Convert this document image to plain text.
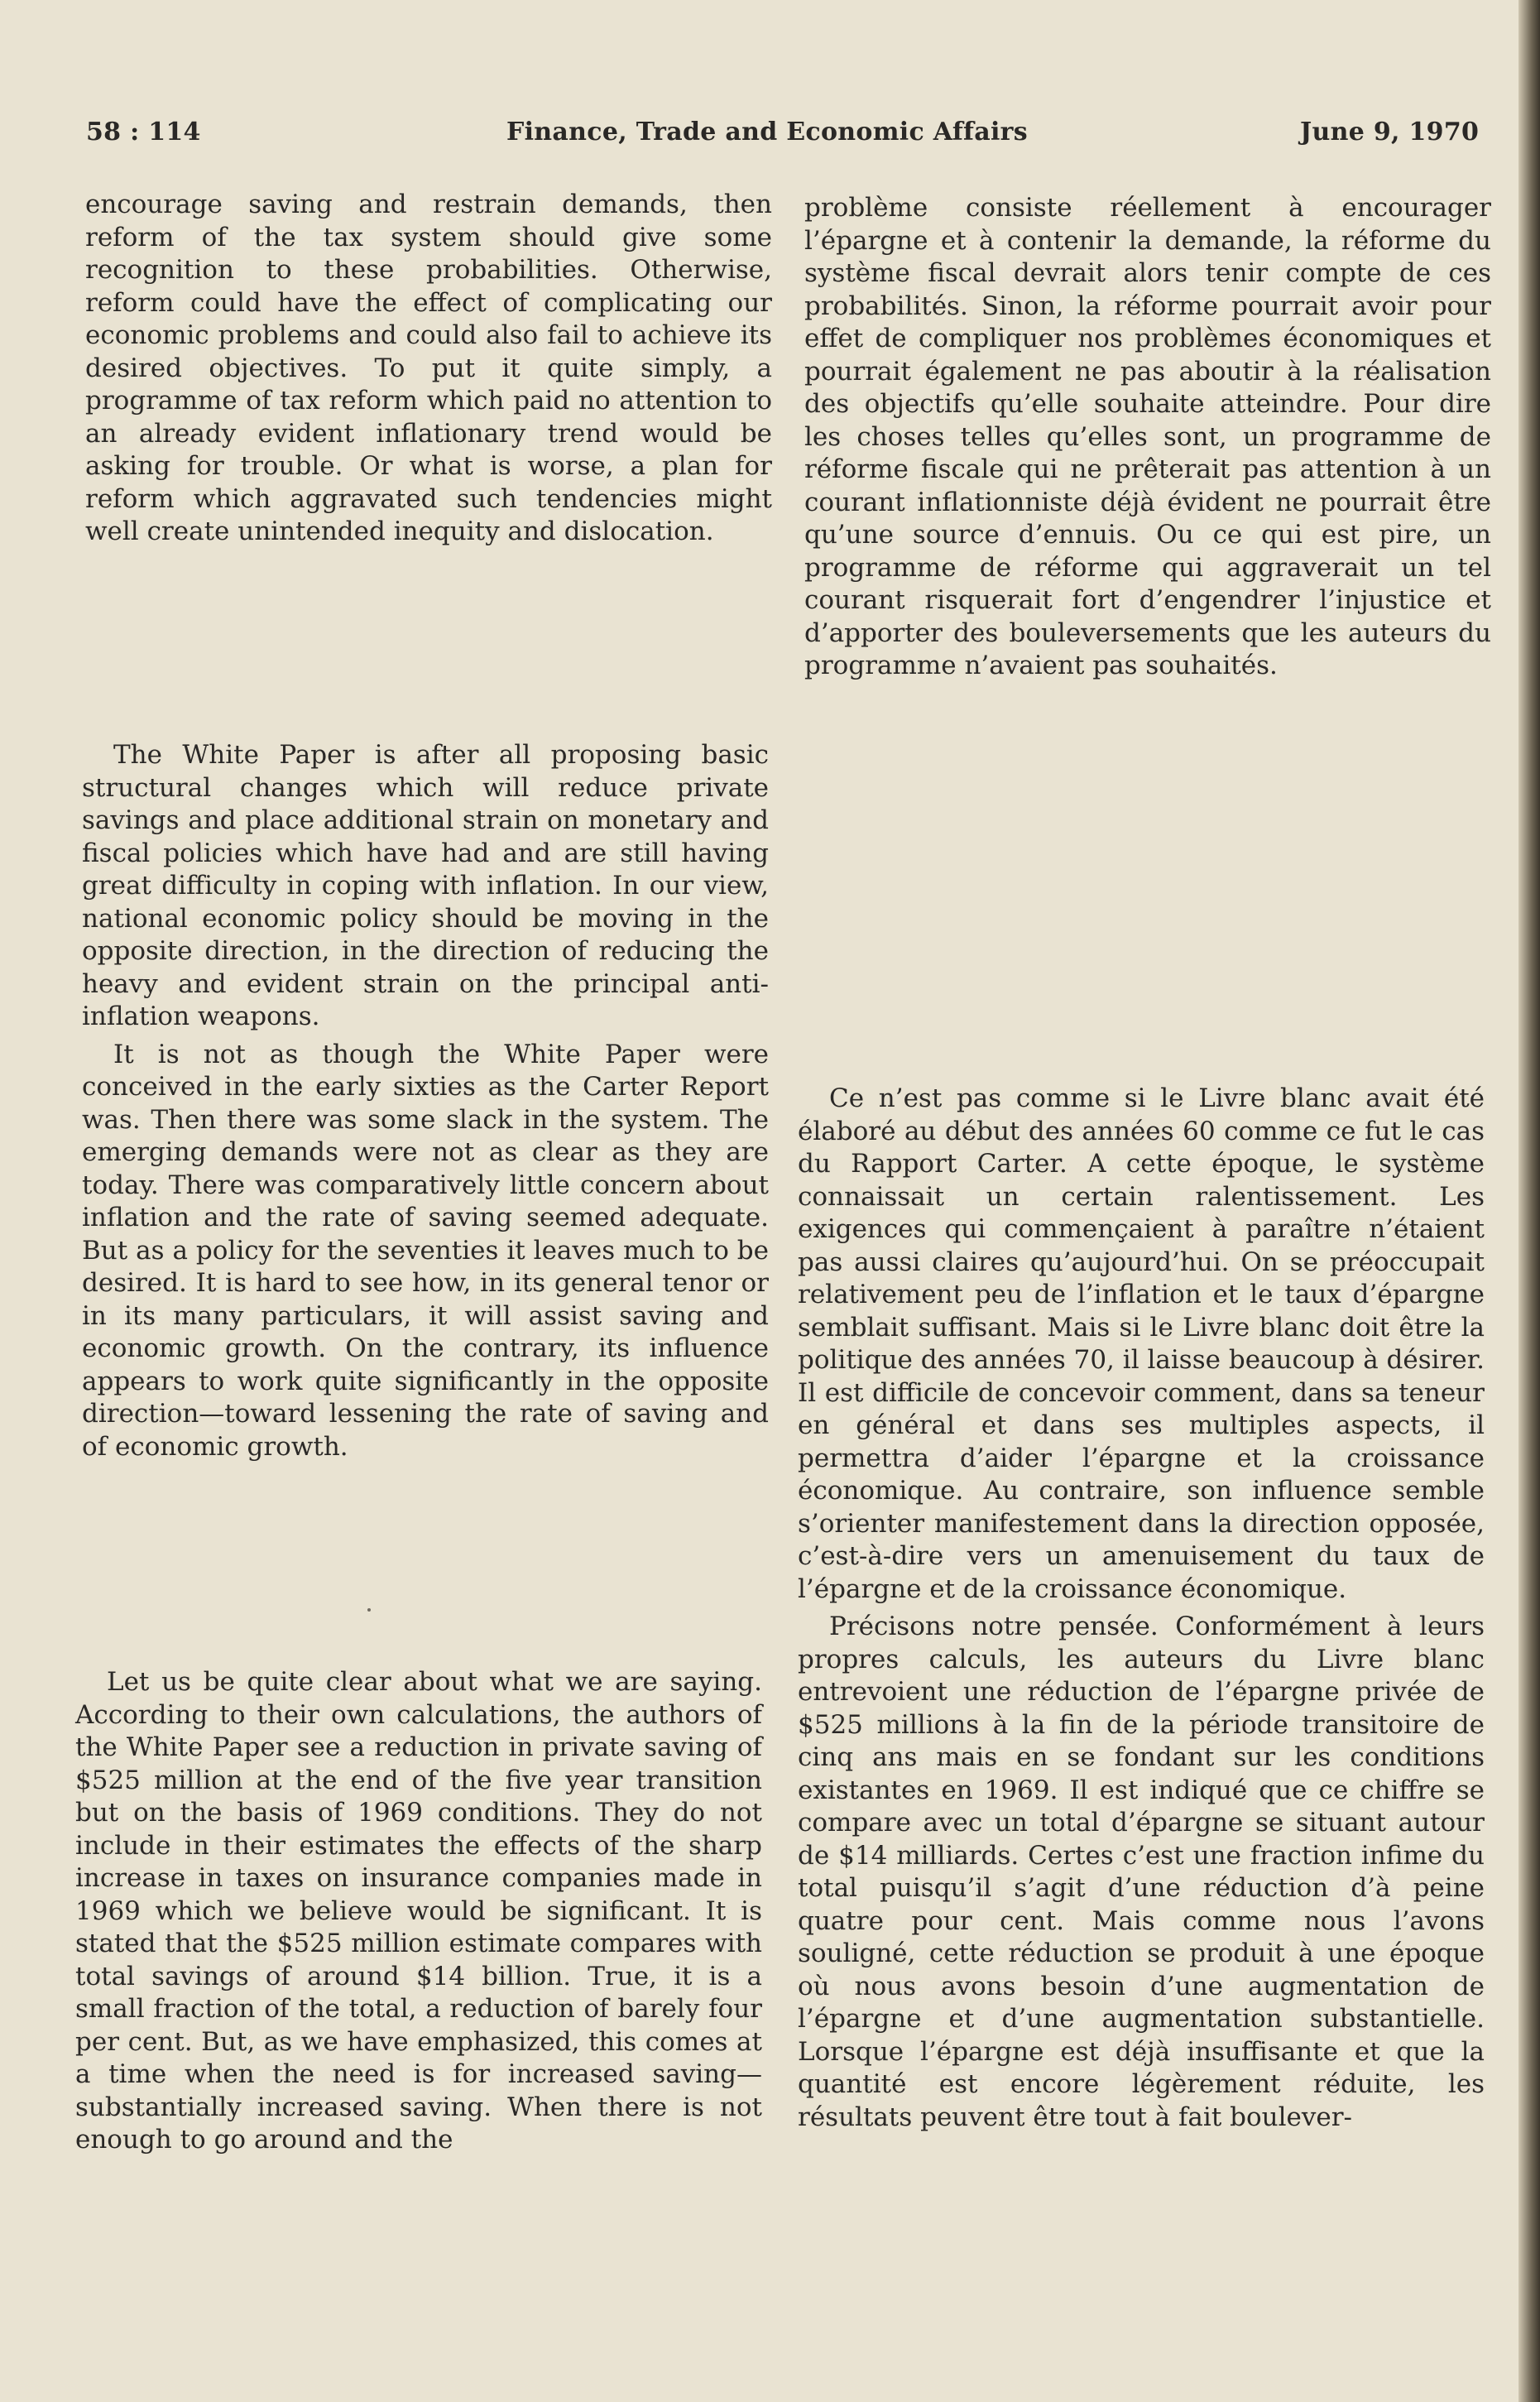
58 : 114	Finance, Trade and Economic Affairs	June 9, 1970

encourage saving and restrain demands, then reform of the tax system should give some recognition to these probabilities. Otherwise, reform could have the effect of complicating our economic problems and could also fail to achieve its desired objectives. To put it quite simply, a programme of tax reform which paid no attention to an already evident inflationary trend would be asking for trouble. Or what is worse, a plan for reform which aggravated such tendencies might well create unintended inequity and dislocation.

The White Paper is after all proposing basic structural changes which will reduce private savings and place additional strain on monetary and fiscal policies which have had and are still having great difficulty in coping with inflation. In our view, national economic policy should be moving in the opposite direction, in the direction of reducing the heavy and evident strain on the principal anti-inflation weapons.

It is not as though the White Paper were conceived in the early sixties as the Carter Report was. Then there was some slack in the system. The emerging demands were not as clear as they are today. There was comparatively little concern about inflation and the rate of saving seemed adequate. But as a policy for the seventies it leaves much to be desired. It is hard to see how, in its general tenor or in its many particulars, it will assist saving and economic growth. On the contrary, its influence appears to work quite significantly in the opposite direction—toward lessening the rate of saving and of economic growth.

Let us be quite clear about what we are saying. According to their own calculations, the authors of the White Paper see a reduction in private saving of $525 million at the end of the five year transition but on the basis of 1969 conditions. They do not include in their estimates the effects of the sharp increase in taxes on insurance companies made in 1969 which we believe would be significant. It is stated that the $525 million estimate compares with total savings of around $14 billion. True, it is a small fraction of the total, a reduction of barely four per cent. But, as we have emphasized, this comes at a time when the need is for increased saving—substantially increased saving. When there is not enough to go around and the

problème consiste réellement à encourager l’épargne et à contenir la demande, la réforme du système fiscal devrait alors tenir compte de ces probabilités. Sinon, la réforme pourrait avoir pour effet de compliquer nos problèmes économiques et pourrait également ne pas aboutir à la réalisation des objectifs qu’elle souhaite atteindre. Pour dire les choses telles qu’elles sont, un programme de réforme fiscale qui ne prêterait pas attention à un courant inflationniste déjà évident ne pourrait être qu’une source d’ennuis. Ou ce qui est pire, un programme de réforme qui aggraverait un tel courant risquerait fort d’engendrer l’injustice et d’apporter des bouleversements que les auteurs du programme n’avaient pas souhaités.

Ce n’est pas comme si le Livre blanc avait été élaboré au début des années 60 comme ce fut le cas du Rapport Carter. A cette époque, le système connaissait un certain ralentissement. Les exigences qui commençaient à paraître n’étaient pas aussi claires qu’aujourd’hui. On se préoccupait relativement peu de l’inflation et le taux d’épargne semblait suffisant. Mais si le Livre blanc doit être la politique des années 70, il laisse beaucoup à désirer. Il est difficile de concevoir comment, dans sa teneur en général et dans ses multiples aspects, il permettra d’aider l’épargne et la croissance économique. Au contraire, son influence semble s’orienter manifestement dans la direction opposée, c’est-à-dire vers un amenuisement du taux de l’épargne et de la croissance économique.

Précisons notre pensée. Conformément à leurs propres calculs, les auteurs du Livre blanc entrevoient une réduction de l’épargne privée de $525 millions à la fin de la période transitoire de cinq ans mais en se fondant sur les conditions existantes en 1969. Il est indiqué que ce chiffre se compare avec un total d’épargne se situant autour de $14 milliards. Certes c’est une fraction infime du total puisqu’il s’agit d’une réduction d’à peine quatre pour cent. Mais comme nous l’avons souligné, cette réduction se produit à une époque où nous avons besoin d’une augmentation de l’épargne et d’une augmentation substantielle. Lorsque l’épargne est déjà insuffisante et que la quantité est encore légèrement réduite, les résultats peuvent être tout à fait boulever-
